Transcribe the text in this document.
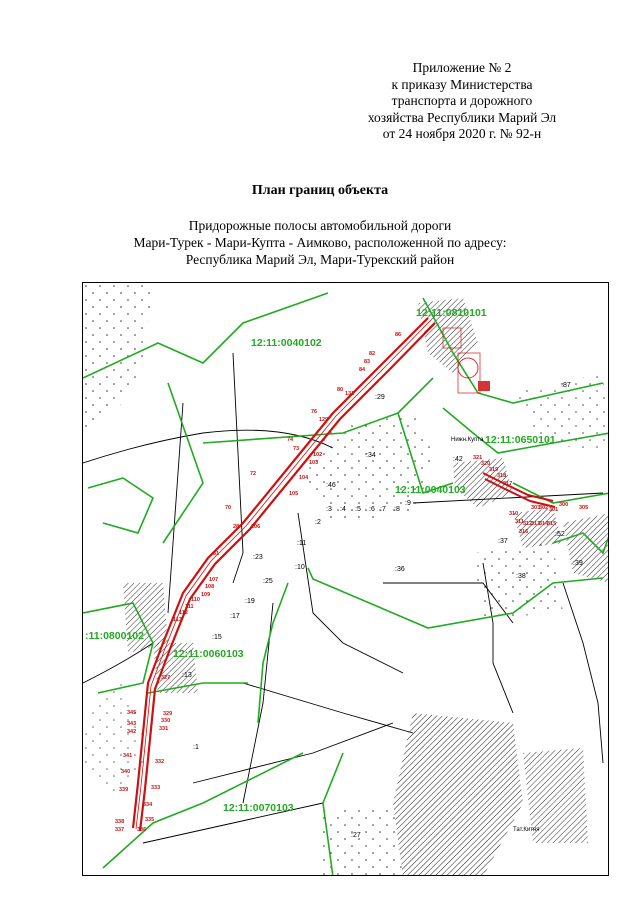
Приложение № 2
к приказу Министерства
транспорта и дорожного
хозяйства Республики Марий Эл
от 24 ноября 2020 г. № 92-н
План границ объекта
Придорожные полосы автомобильной дороги
Мари-Турек - Мари-Купта - Аимково, расположенной по адресу:
Республика Марий Эл, Мари-Турекский район
12:11:0810101
12:11:0040102
12:11:0650101
12:11:0040103
:11:0800102
12:11:0060103
12:11:0070103
:87
:29
:34
:42
:46
:36
:37
:38
:39
:52
:2
:3 :4 :5 :6 :7 :8
:9
:11
:23
:25
:19
:17
:15
:13
:10
:1
:27
86
82
83
84
80
131
76
129
74
73
102
103
104
105
72
70
106
28
31
107
108
109
110
111
112
113
327
329
330
331
332
333
334
335
336
337
338
339
340
341
342
343
345
300
301
302
303	305
310
311 312
313
314
315
316
317
318
319
320
321
Нижн.Купта
Тат.Китня
